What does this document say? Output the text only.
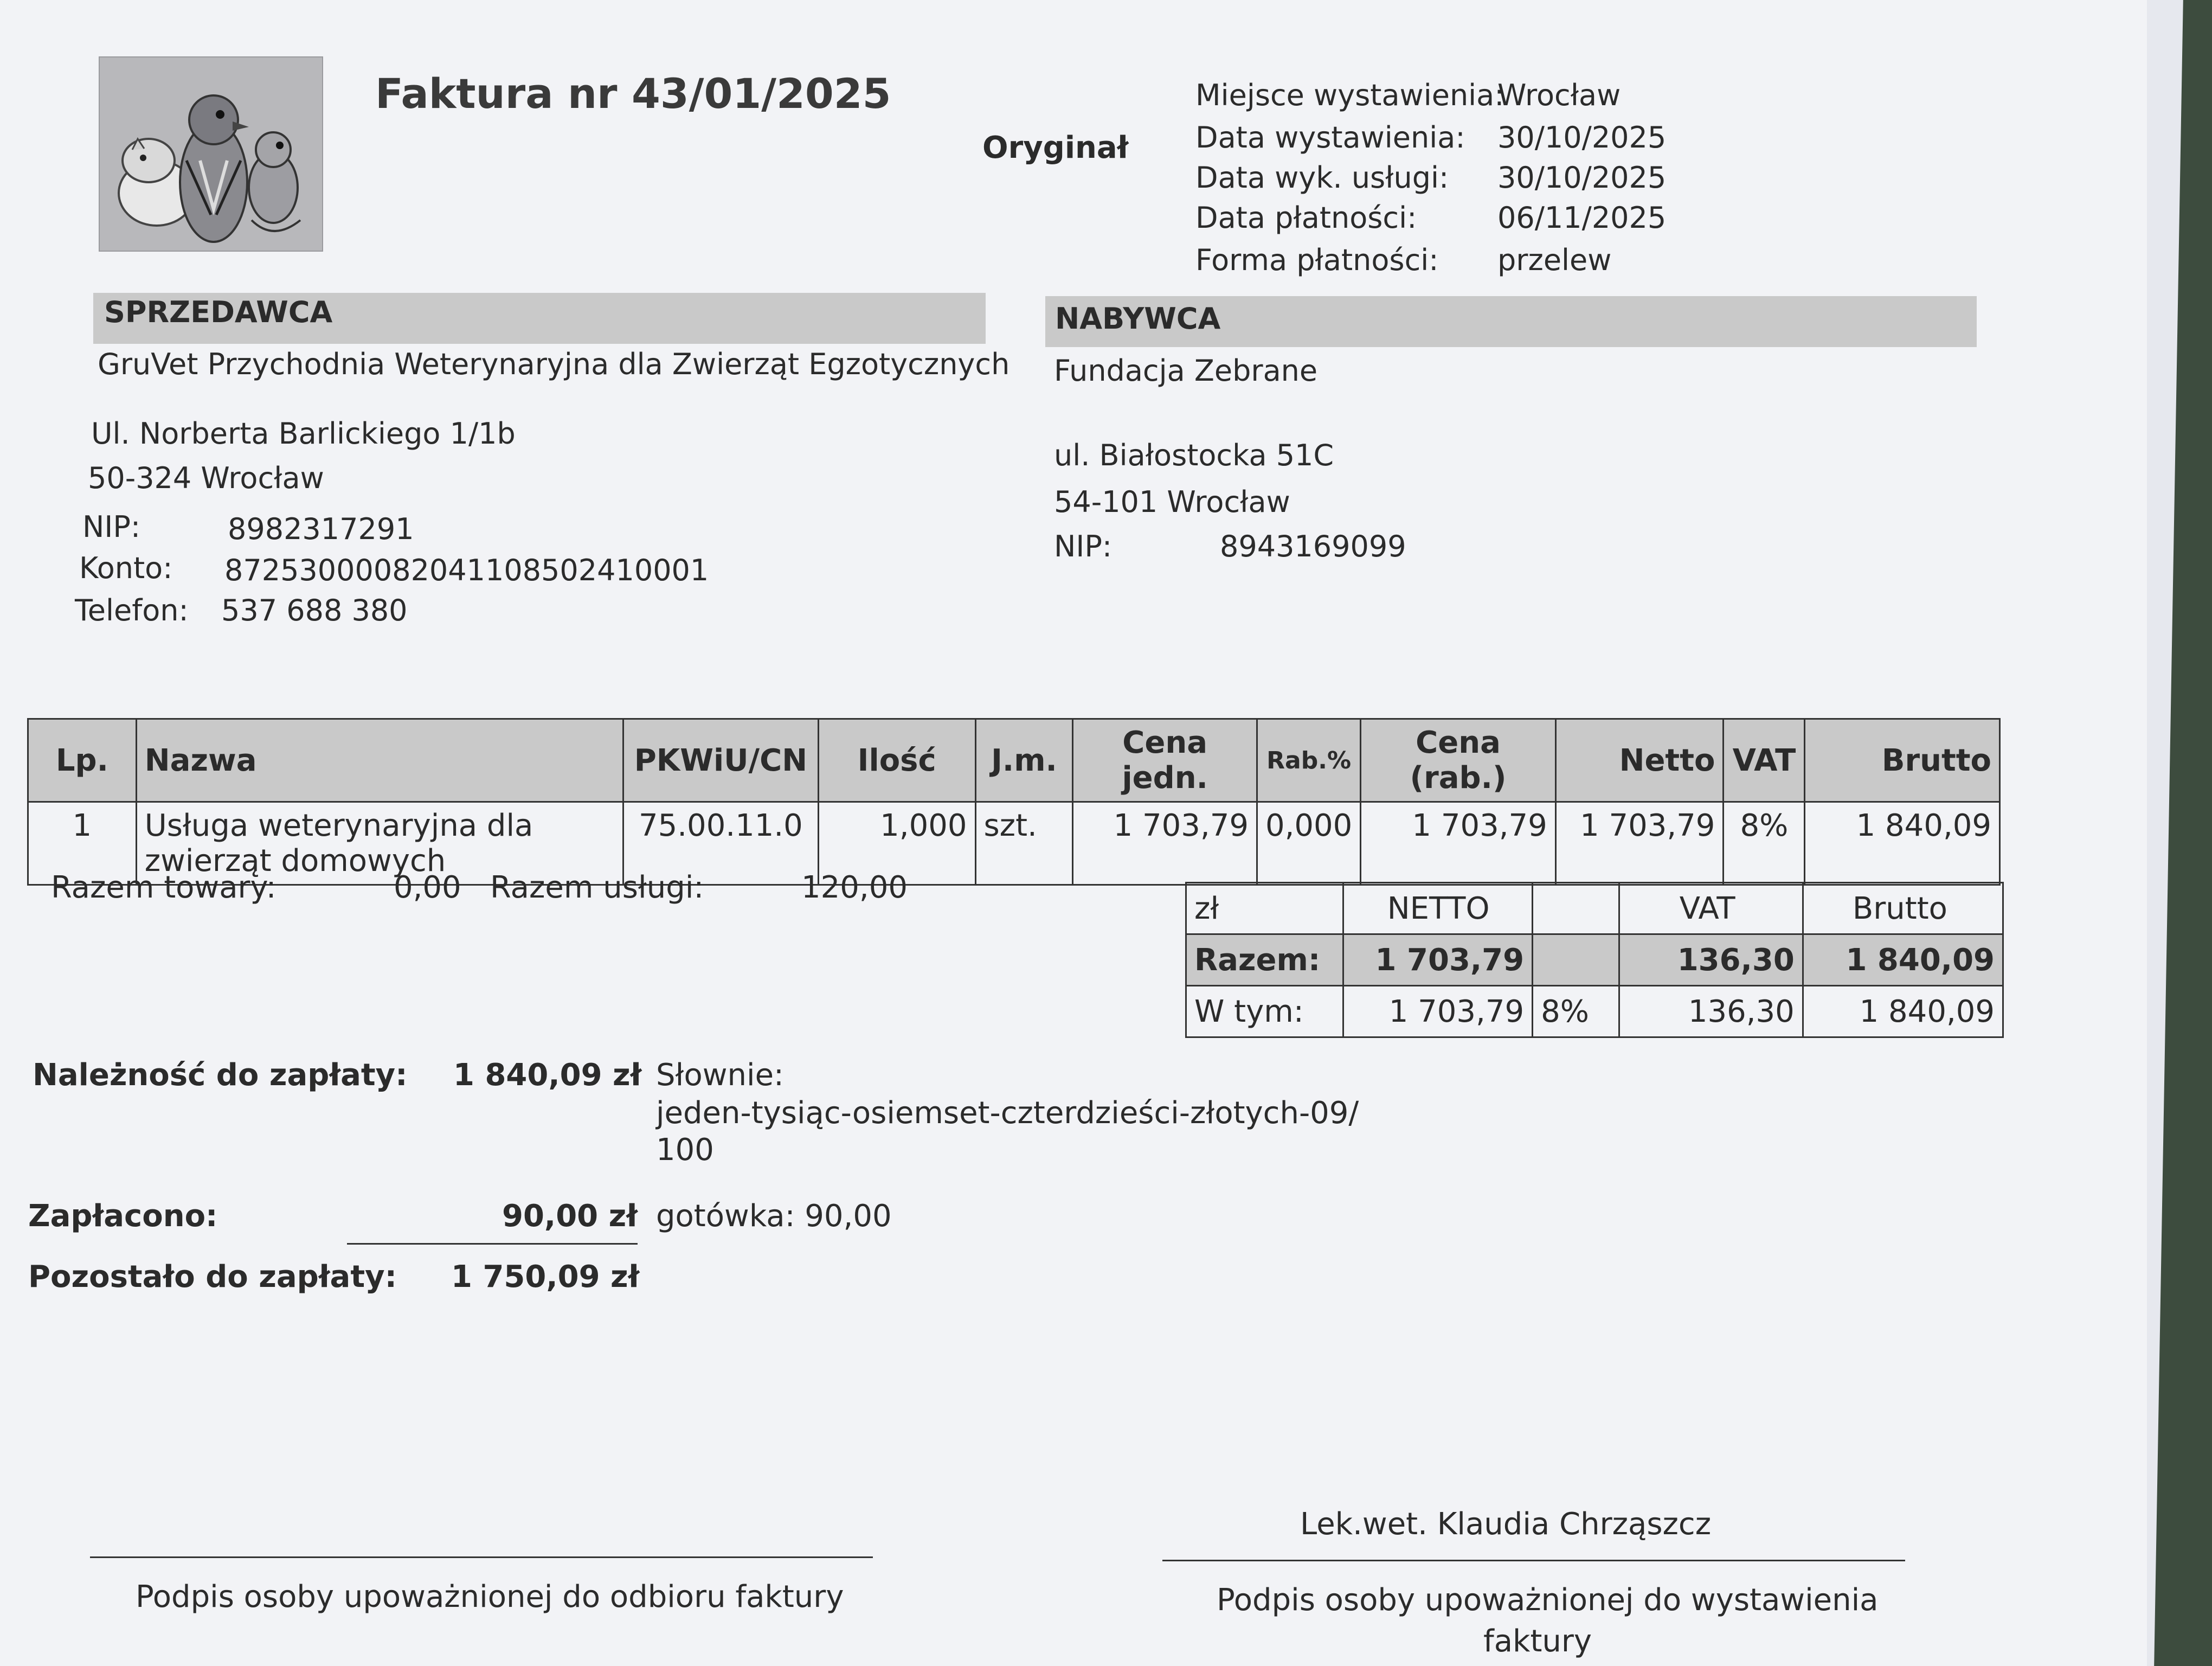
Faktura nr 43/01/2025
Oryginał
Miejsce wystawienia:
Wrocław
Data wystawienia: 30/10/2025
Data wyk. usługi: 30/10/2025
Data płatności:	06/11/2025
Forma płatności: przelew
SPRZEDAWCA
GruVet Przychodnia Weterynaryjna dla Zwierząt Egzotycznych
Ul. Norberta Barlickiego 1/1b
50-324 Wrocław
NIP:	8982317291
Konto: 87253000082041108502410001
Telefon: 537 688 380
NABYWCA
Fundacja Zebrane
ul. Białostocka 51C
54-101 Wrocław
NIP:	8943169099
Lp.	Nazwa	PKWiU/CN	Ilość	J.m.	Cena jedn.	Rab.%	Cena (rab.)	Netto	VAT	Brutto
1	Usługa weterynaryjna dla
zwierząt domowych	75.00.11.0	1,000	szt.	1 703,79	0,000	1 703,79	1 703,79	8%	1 840,09
Razem towary:	0,00 Razem usługi:	120,00
zł	NETTO		VAT	Brutto
Razem:	1 703,79		136,30	1 840,09
W tym:	1 703,79	8%	136,30	1 840,09
Należność do zapłaty: 1 840,09 zł Słownie:
jeden-tysiąc-osiemset-czterdzieści-złotych-09/
100
Zapłacono:	90,00 zł gotówka: 90,00
Pozostało do zapłaty: 1 750,09 zł
Lek.wet. Klaudia Chrząszcz
Podpis osoby upoważnionej do odbioru faktury	Podpis osoby upoważnionej do wystawienia
faktury
